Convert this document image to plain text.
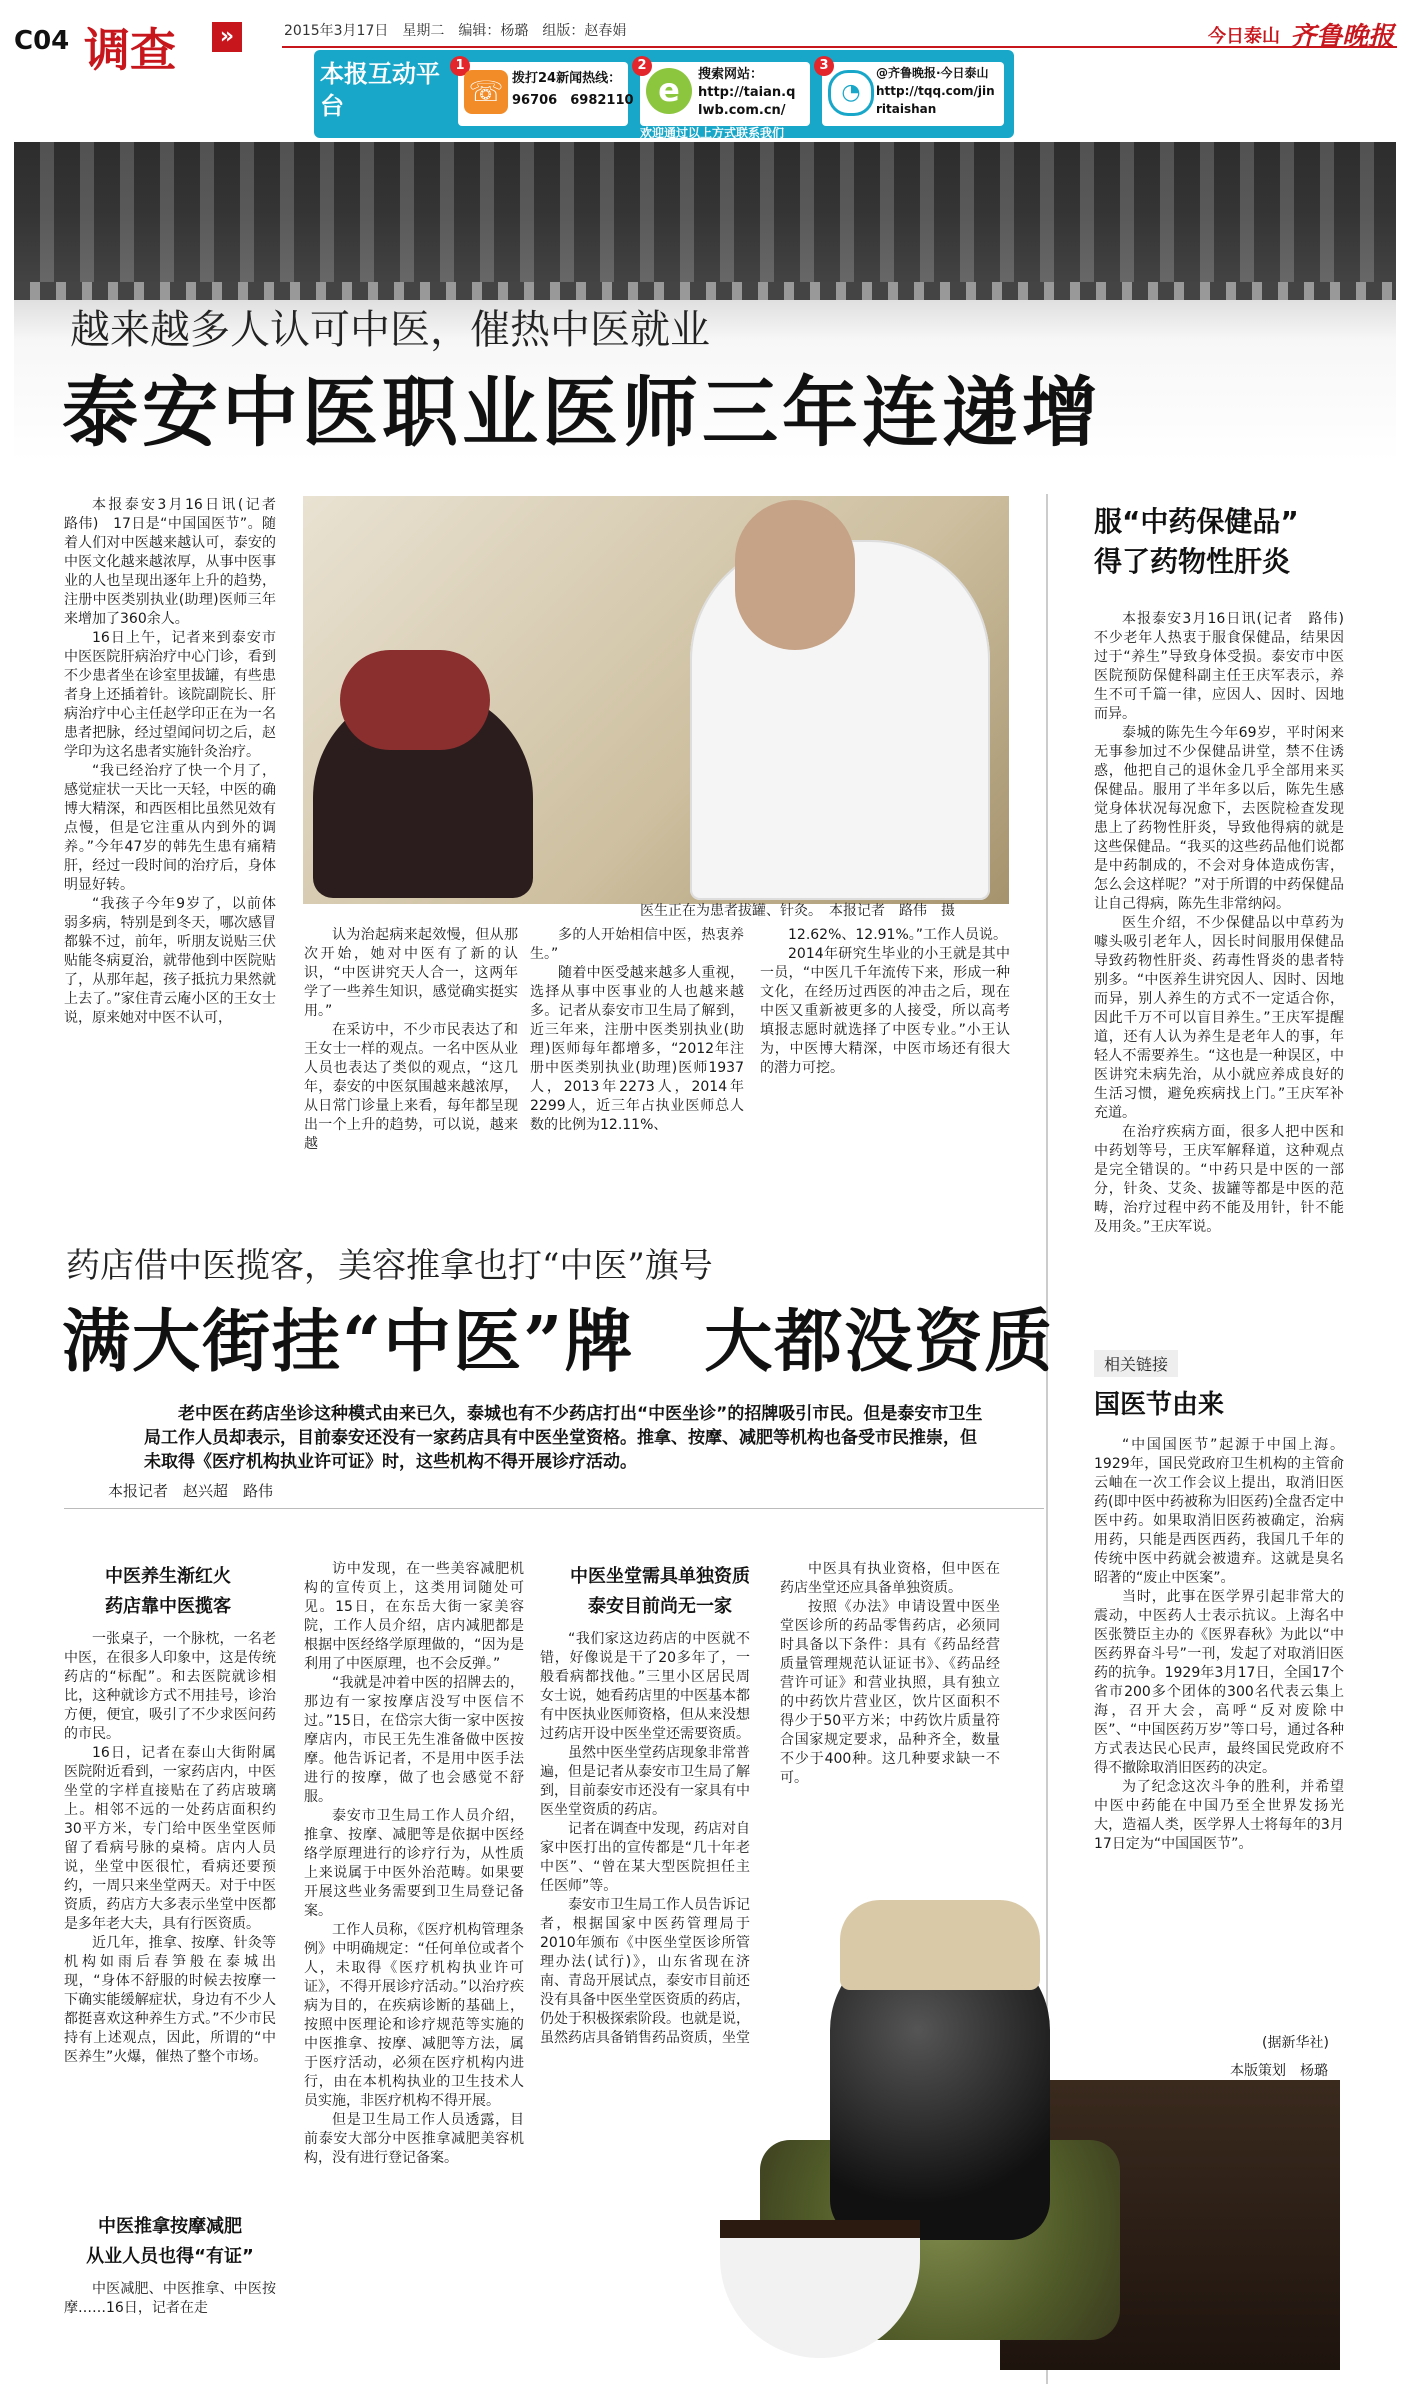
C04 调查	»	2015年3月17日　星期二　编辑：杨璐　组版：赵春娟	今日泰山 齐鲁晚报
本报互动平台
1
☏ 拨打24新闻热线：
96706　6982110
2
e	搜索网站：
http://taian.qlwb.com.cn/
3
◔
@齐鲁晚报·今日泰山
http://tqq.com/jinritaishan
欢迎通过以上方式联系我们
越来越多人认可中医，催热中医就业
泰安中医职业医师三年连递增

本报泰安3月16日讯(记者　路伟)　17日是“中国国医节”。随着人们对中医越来越认可，泰安的中医文化越来越浓厚，从事中医事业的人也呈现出逐年上升的趋势，注册中医类别执业(助理)医师三年来增加了360余人。

16日上午，记者来到泰安市中医医院肝病治疗中心门诊，看到不少患者坐在诊室里拔罐，有些患者身上还插着针。该院副院长、肝病治疗中心主任赵学印正在为一名患者把脉，经过望闻问切之后，赵学印为这名患者实施针灸治疗。

“我已经治疗了快一个月了，感觉症状一天比一天轻，中医的确博大精深，和西医相比虽然见效有点慢，但是它注重从内到外的调养。”今年47岁的韩先生患有痛精肝，经过一段时间的治疗后，身体明显好转。

“我孩子今年9岁了，以前体弱多病，特别是到冬天，哪次感冒都躲不过，前年，听朋友说贴三伏贴能冬病夏治，就带他到中医院贴了，从那年起，孩子抵抗力果然就上去了。”家住青云庵小区的王女士说，原来她对中医不认可，

医生正在为患者拔罐、针灸。　本报记者　路伟　摄

认为治起病来起效慢，但从那次开始，她对中医有了新的认识，“中医讲究天人合一，这两年学了一些养生知识，感觉确实挺实用。”

在采访中，不少市民表达了和王女士一样的观点。一名中医从业人员也表达了类似的观点，“这几年，泰安的中医氛围越来越浓厚，从日常门诊量上来看，每年都呈现出一个上升的趋势，可以说，越来越

多的人开始相信中医，热衷养生。”

随着中医受越来越多人重视，选择从事中医事业的人也越来越多。记者从泰安市卫生局了解到，近三年来，注册中医类别执业(助理)医师每年都增多，“2012年注册中医类别执业(助理)医师1937人，2013年2273人，2014年2299人，近三年占执业医师总人数的比例为12.11%、

12.62%、12.91%。”工作人员说。

2014年研究生毕业的小王就是其中一员，“中医几千年流传下来，形成一种文化，在经历过西医的冲击之后，现在中医又重新被更多的人接受，所以高考填报志愿时就选择了中医专业。”小王认为，中医博大精深，中医市场还有很大的潜力可挖。

服“中药保健品”
得了药物性肝炎

本报泰安3月16日讯(记者　路伟)　不少老年人热衷于服食保健品，结果因过于“养生”导致身体受损。泰安市中医医院预防保健科副主任王庆军表示，养生不可千篇一律，应因人、因时、因地而异。

泰城的陈先生今年69岁，平时闲来无事参加过不少保健品讲堂，禁不住诱惑，他把自己的退休金几乎全部用来买保健品。服用了半年多以后，陈先生感觉身体状况每况愈下，去医院检查发现患上了药物性肝炎，导致他得病的就是这些保健品。“我买的这些药品他们说都是中药制成的，不会对身体造成伤害，怎么会这样呢？”对于所谓的中药保健品让自己得病，陈先生非常纳闷。

医生介绍，不少保健品以中草药为噱头吸引老年人，因长时间服用保健品导致药物性肝炎、药毒性肾炎的患者特别多。“中医养生讲究因人、因时、因地而异，别人养生的方式不一定适合你，因此千万不可以盲目养生。”王庆军提醒道，还有人认为养生是老年人的事，年轻人不需要养生。“这也是一种误区，中医讲究未病先治，从小就应养成良好的生活习惯，避免疾病找上门。”王庆军补充道。

在治疗疾病方面，很多人把中医和中药划等号，王庆军解释道，这种观点是完全错误的。“中药只是中医的一部分，针灸、艾灸、拔罐等都是中医的范畴，治疗过程中药不能及用针，针不能及用灸。”王庆军说。

相关链接
国医节由来

“中国国医节”起源于中国上海。1929年，国民党政府卫生机构的主管俞云岫在一次工作会议上提出，取消旧医药(即中医中药被称为旧医药)全盘否定中医中药。如果取消旧医药被确定，治病用药，只能是西医西药，我国几千年的传统中医中药就会被遗弃。这就是臭名昭著的“废止中医案”。

当时，此事在医学界引起非常大的震动，中医药人士表示抗议。上海名中医张赞臣主办的《医界春秋》为此以“中医药界奋斗号”一刊，发起了对取消旧医药的抗争。1929年3月17日，全国17个省市200多个团体的300名代表云集上海，召开大会，高呼“反对废除中医”、“中国医药万岁”等口号，通过各种方式表达民心民声，最终国民党政府不得不撤除取消旧医药的决定。

为了纪念这次斗争的胜利，并希望中医中药能在中国乃至全世界发扬光大，造福人类，医学界人士将每年的3月17日定为“中国国医节”。

(据新华社)
本版策划　杨璐
药店借中医揽客，美容推拿也打“中医”旗号
满大街挂“中医”牌　大都没资质
老中医在药店坐诊这种模式由来已久，泰城也有不少药店打出“中医坐诊”的招牌吸引市民。但是泰安市卫生局工作人员却表示，目前泰安还没有一家药店具有中医坐堂资格。推拿、按摩、减肥等机构也备受市民推崇，但未取得《医疗机构执业许可证》时，这些机构不得开展诊疗活动。
本报记者　赵兴超　路伟
中医养生渐红火
药店靠中医揽客

一张桌子，一个脉枕，一名老中医，在很多人印象中，这是传统药店的“标配”。和去医院就诊相比，这种就诊方式不用挂号，诊治方便，便宜，吸引了不少求医问药的市民。

16日，记者在泰山大街附属医院附近看到，一家药店内，中医坐堂的字样直接贴在了药店玻璃上。相邻不远的一处药店面积约30平方米，专门给中医坐堂医师留了看病号脉的桌椅。店内人员说，坐堂中医很忙，看病还要预约，一周只来坐堂两天。对于中医资质，药店方大多表示坐堂中医都是多年老大夫，具有行医资质。

近几年，推拿、按摩、针灸等机构如雨后春笋般在泰城出现，“身体不舒服的时候去按摩一下确实能缓解症状，身边有不少人都挺喜欢这种养生方式。”不少市民持有上述观点，因此，所谓的“中医养生”火爆，催热了整个市场。

中医推拿按摩减肥
从业人员也得“有证”

中医减肥、中医推拿、中医按摩……16日，记者在走

访中发现，在一些美容减肥机构的宣传页上，这类用词随处可见。15日，在东岳大街一家美容院，工作人员介绍，店内减肥都是根据中医经络学原理做的，“因为是利用了中医原理，也不会反弹。”

“我就是冲着中医的招牌去的，那边有一家按摩店没写中医信不过。”15日，在岱宗大街一家中医按摩店内，市民王先生准备做中医按摩。他告诉记者，不是用中医手法进行的按摩，做了也会感觉不舒服。

泰安市卫生局工作人员介绍，推拿、按摩、减肥等是依据中医经络学原理进行的诊疗行为，从性质上来说属于中医外治范畴。如果要开展这些业务需要到卫生局登记备案。

工作人员称，《医疗机构管理条例》中明确规定：“任何单位或者个人，未取得《医疗机构执业许可证》，不得开展诊疗活动。”以治疗疾病为目的，在疾病诊断的基础上，按照中医理论和诊疗规范等实施的中医推拿、按摩、减肥等方法，属于医疗活动，必须在医疗机构内进行，由在本机构执业的卫生技术人员实施，非医疗机构不得开展。

但是卫生局工作人员透露，目前泰安大部分中医推拿减肥美容机构，没有进行登记备案。

中医坐堂需具单独资质
泰安目前尚无一家

“我们家这边药店的中医就不错，好像说是干了20多年了，一般看病都找他。”三里小区居民周女士说，她看药店里的中医基本都有中医执业医师资格，但从来没想过药店开设中医坐堂还需要资质。

虽然中医坐堂药店现象非常普遍，但是记者从泰安市卫生局了解到，目前泰安市还没有一家具有中医坐堂资质的药店。

记者在调查中发现，药店对自家中医打出的宣传都是“几十年老中医”、“曾在某大型医院担任主任医师”等。

泰安市卫生局工作人员告诉记者，根据国家中医药管理局于2010年颁布《中医坐堂医诊所管理办法(试行)》，山东省现在济南、青岛开展试点，泰安市目前还没有具备中医坐堂医资质的药店，仍处于积极探索阶段。也就是说，虽然药店具备销售药品资质，坐堂

中医具有执业资格，但中医在药店坐堂还应具备单独资质。

按照《办法》申请设置中医坐堂医诊所的药品零售药店，必须同时具备以下条件：具有《药品经营质量管理规范认证证书》、《药品经营许可证》和营业执照，具有独立的中药饮片营业区，饮片区面积不得少于50平方米；中药饮片质量符合国家规定要求，品种齐全，数量不少于400种。这几种要求缺一不可。
